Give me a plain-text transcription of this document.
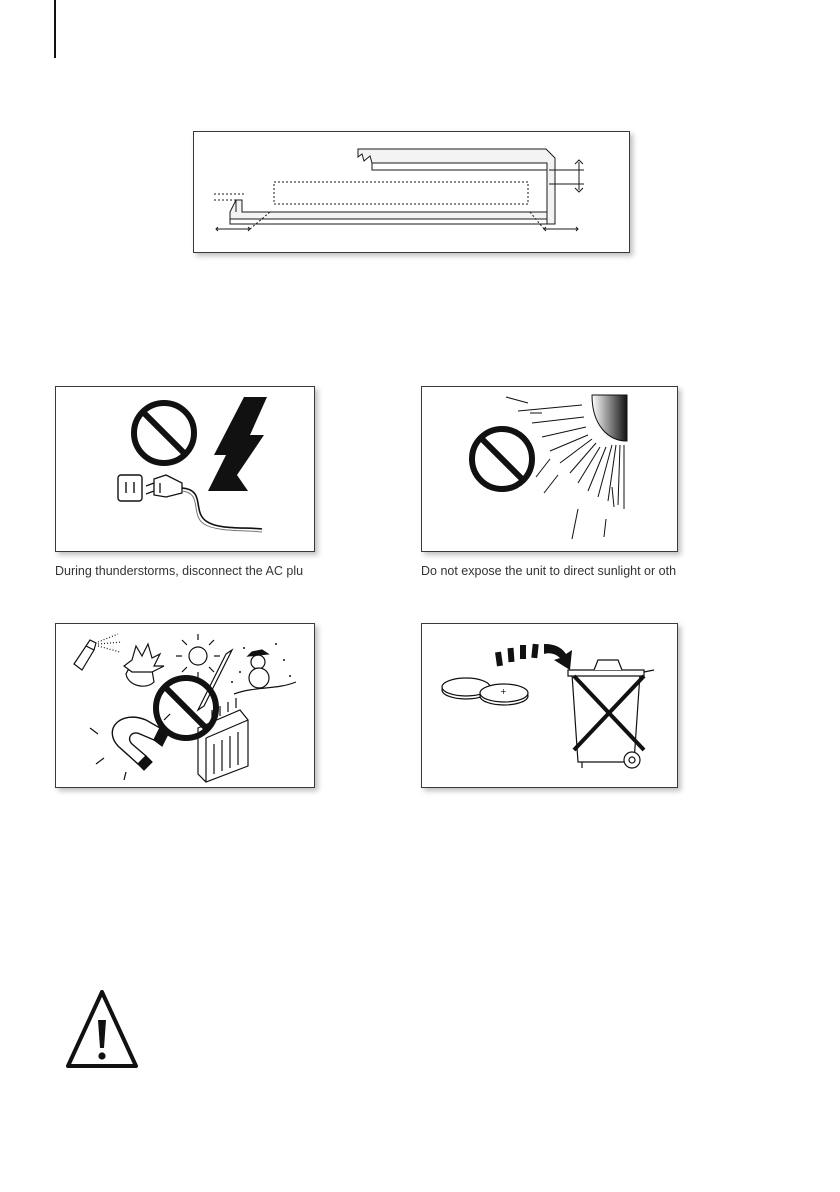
During thunderstorms, disconnect the AC plu	Do not expose the unit to direct sunlight or oth
+
